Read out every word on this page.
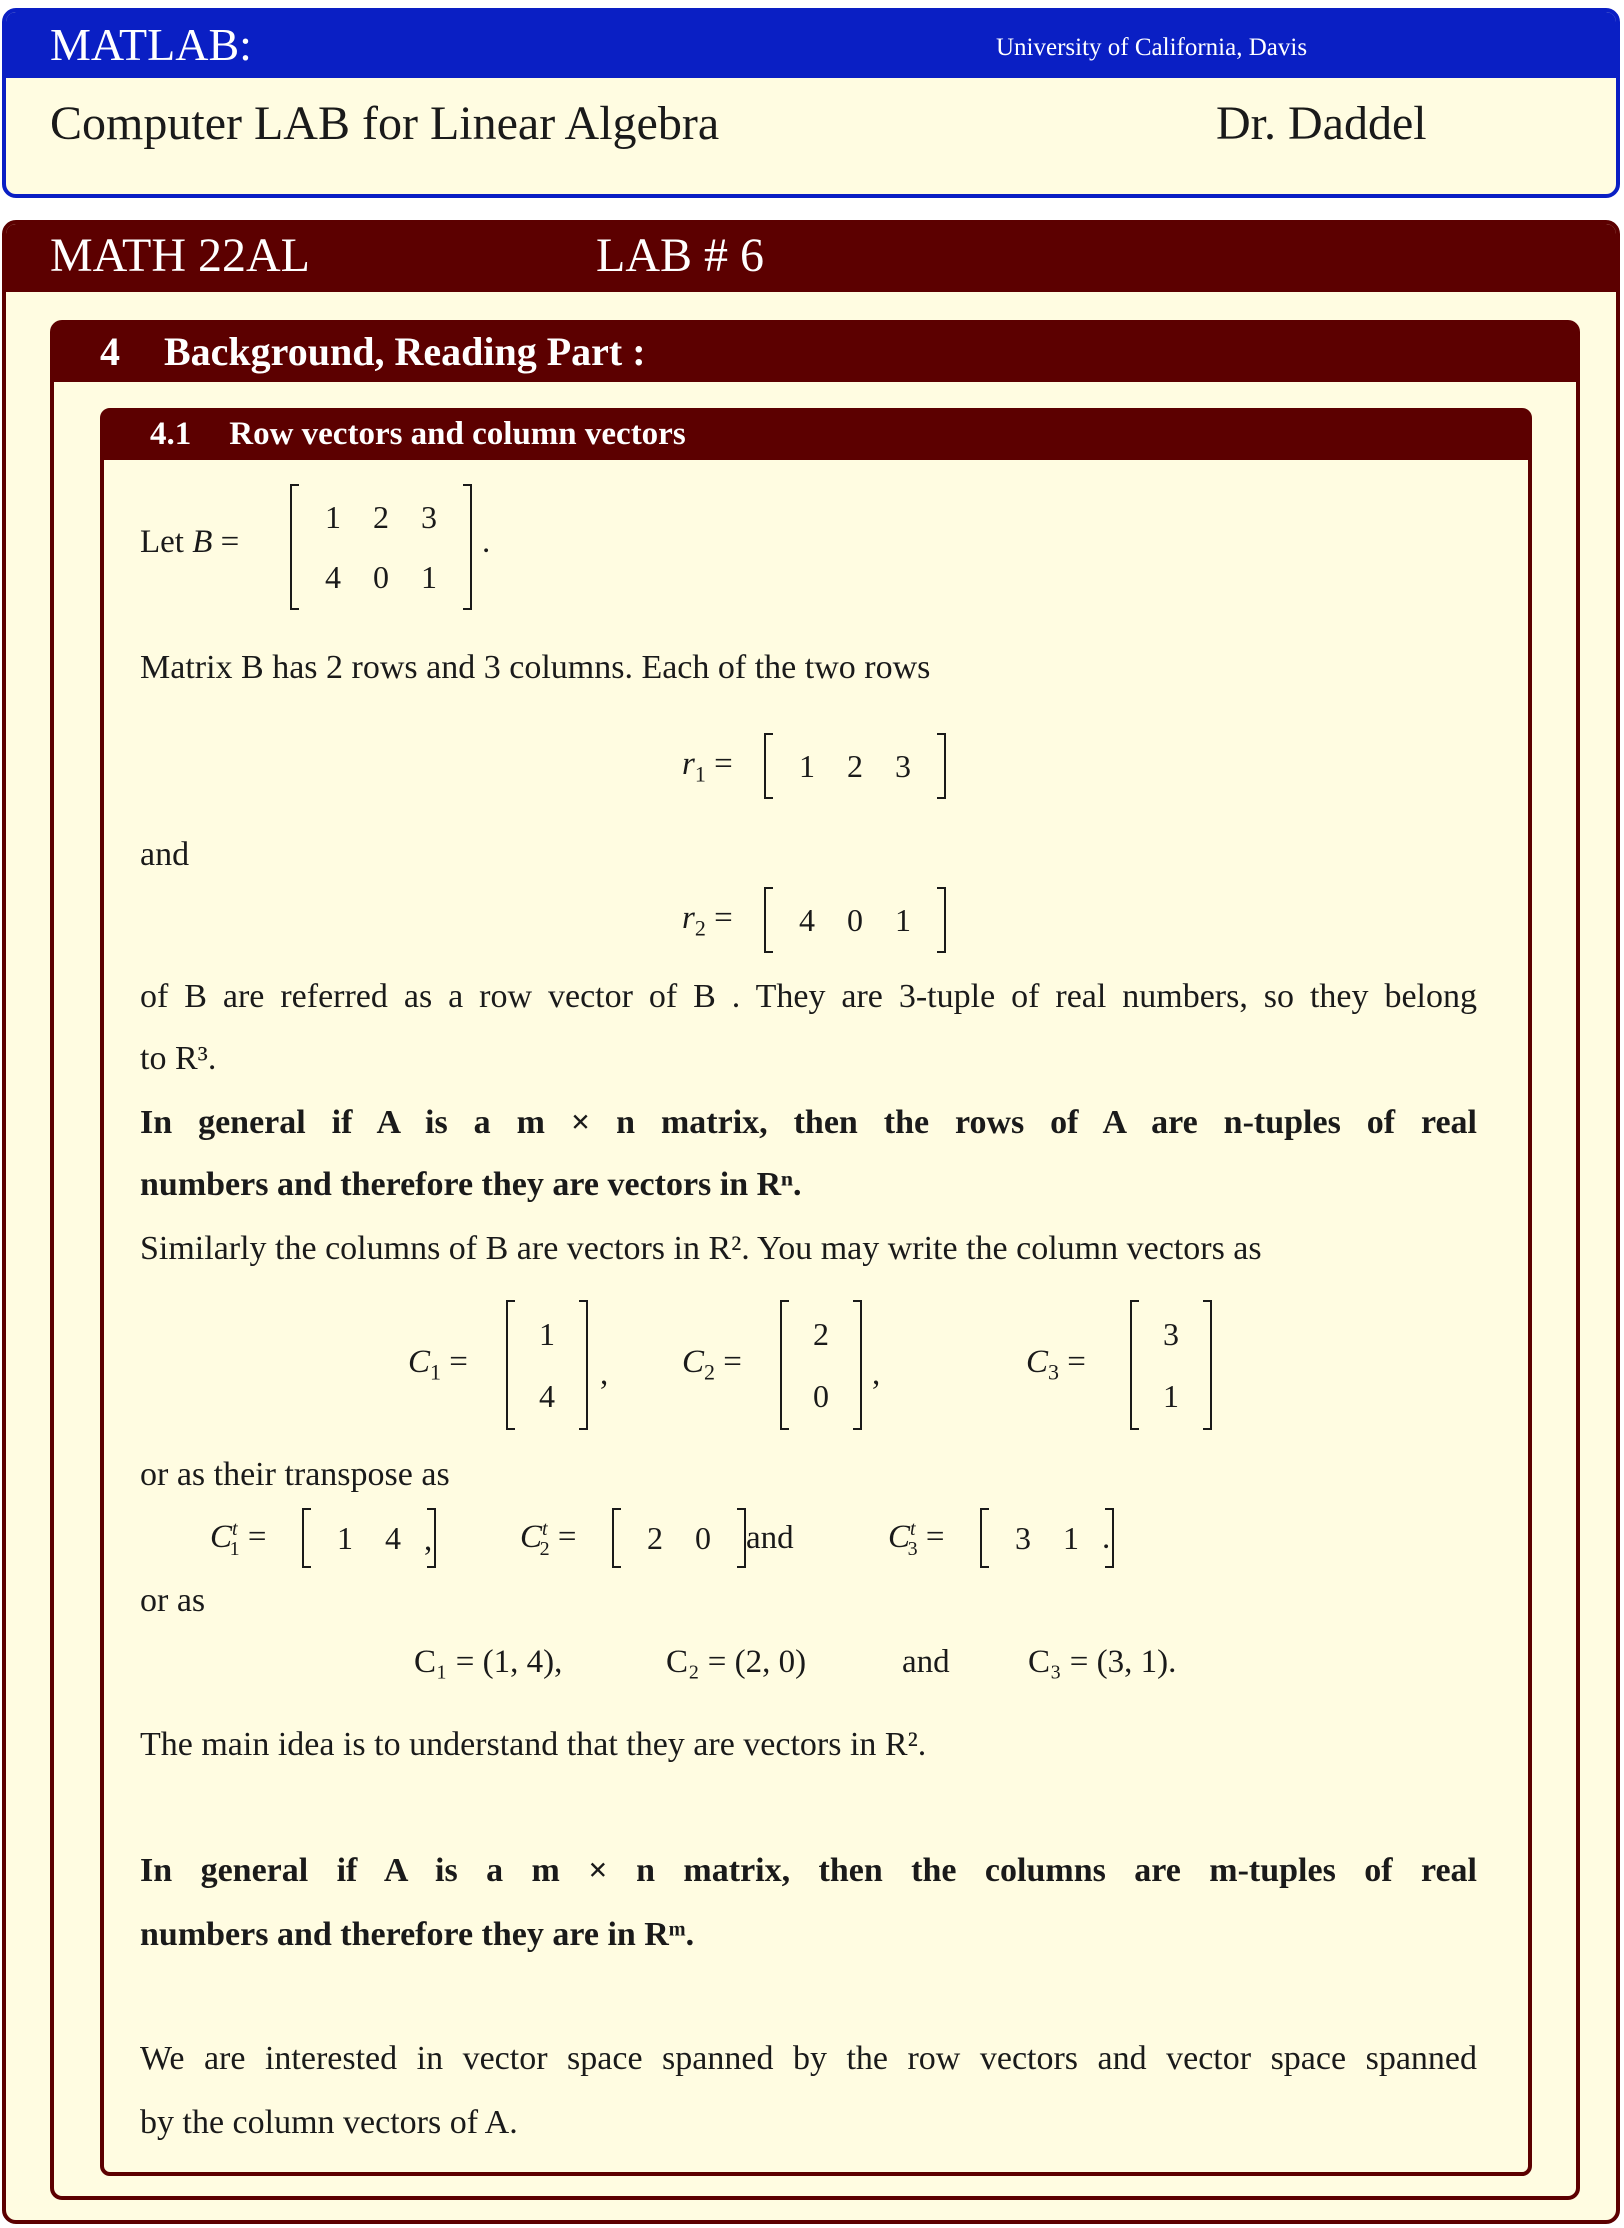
MATLAB:	University of California, Davis
Computer LAB for Linear Algebra	Dr. Daddel
MATH 22AL	LAB # 6
4 Background, Reading Part :
4.1 Row vectors and column vectors
Let B =
1	2	3
4	0	1
.
Matrix B has 2 rows and 3 columns. Each of the two rows
$r_1$ =	1	2	3
and
$r_2$ =	4	0	1
of B are referred as a row vector of B . They are 3-tuple of real numbers, so they belong
to R³.
In general if A is a m × n matrix, then the rows of A are n-tuples of real
numbers and therefore they are vectors in Rⁿ.
Similarly the columns of B are vectors in R². You may write the column vectors as
$C_1$ =
1
4
, $C_2$ =
2
0
,	$C_3$ =
3
1
or as their transpose as
$C^t_1$ =	1	4 ,	$C^t_2$ =	2	0	and	$C^t_3$ =	3	1 .
or as
C₁ = (1, 4),	C₂ = (2, 0)	and C₃ = (3, 1).
The main idea is to understand that they are vectors in R².
In general if A is a m × n matrix, then the columns are m-tuples of real
numbers and therefore they are in Rᵐ.
We are interested in vector space spanned by the row vectors and vector space spanned
by the column vectors of A.
